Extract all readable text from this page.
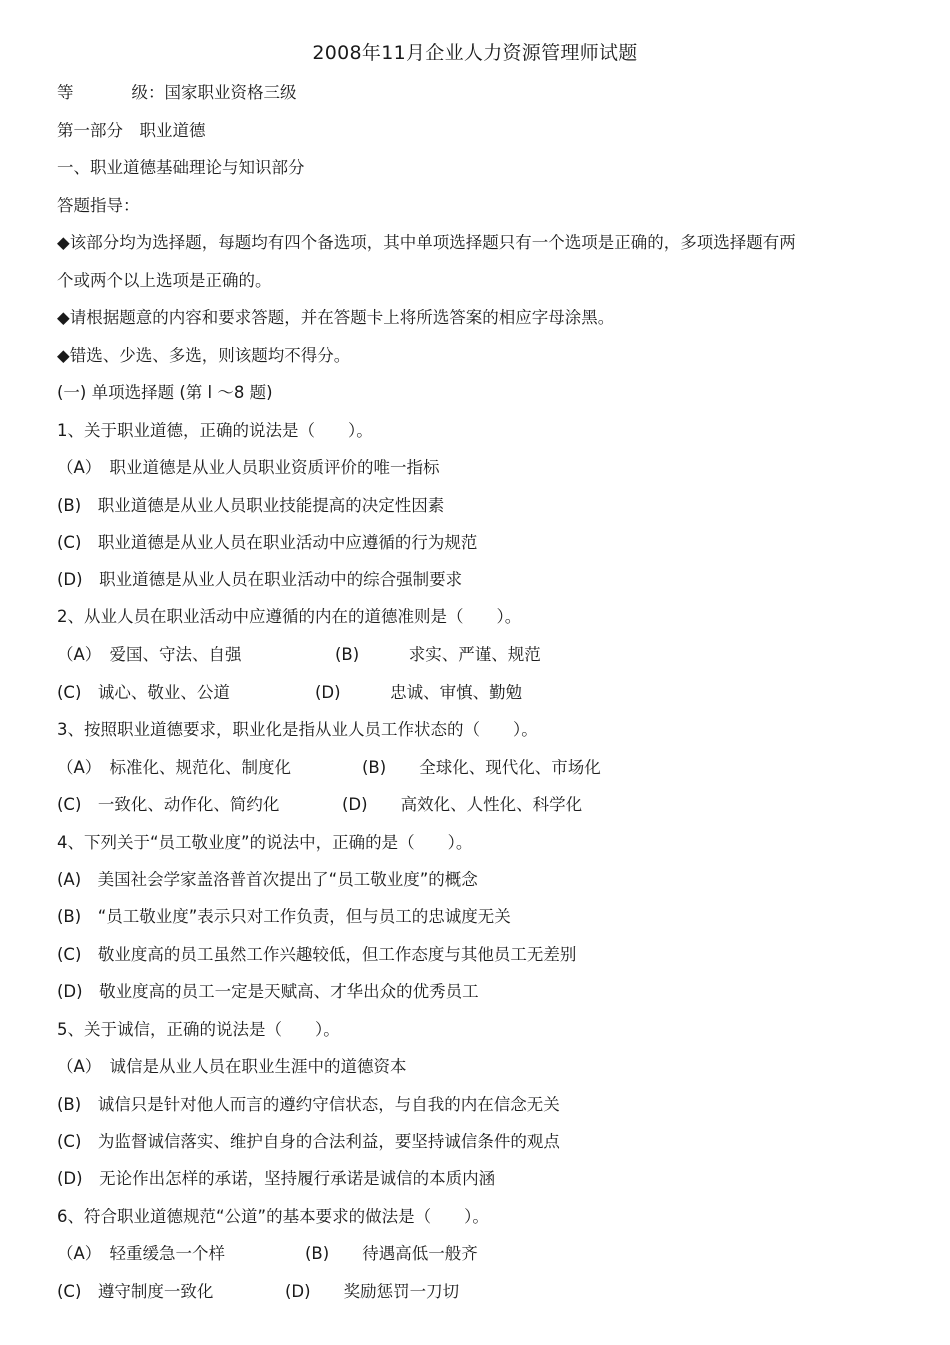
2008年11月企业人力资源管理师试题
等	级：国家职业资格三级
第一部分　职业道德
一、职业道德基础理论与知识部分
答题指导：
◆该部分均为选择题，每题均有四个备选项，其中单项选择题只有一个选项是正确的，多项选择题有两
个或两个以上选项是正确的。
◆请根据题意的内容和要求答题，并在答题卡上将所选答案的相应字母涂黑。
◆错选、少选、多选，则该题均不得分。
(一) 单项选择题 (第 l ～8 题)
1、关于职业道德，正确的说法是（　　）。
（A）　职业道德是从业人员职业资质评价的唯一指标
(B)　职业道德是从业人员职业技能提高的决定性因素
(C)　职业道德是从业人员在职业活动中应遵循的行为规范
(D)　职业道德是从业人员在职业活动中的综合强制要求
2、从业人员在职业活动中应遵循的内在的道德准则是（　　）。
（A）　爱国、守法、自强	(B)　　　求实、严谨、规范
(C)　诚心、敬业、公道	(D)　　　忠诚、审慎、勤勉
3、按照职业道德要求，职业化是指从业人员工作状态的（　　）。
（A）　标准化、规范化、制度化	(B)　　全球化、现代化、市场化
(C)　一致化、动作化、简约化	(D)　　高效化、人性化、科学化
4、下列关于“员工敬业度”的说法中，正确的是（　　）。
(A)　美国社会学家盖洛普首次提出了“员工敬业度”的概念
(B)　“员工敬业度”表示只对工作负责，但与员工的忠诚度无关
(C)　敬业度高的员工虽然工作兴趣较低，但工作态度与其他员工无差别
(D)　敬业度高的员工一定是天赋高、才华出众的优秀员工
5、关于诚信，正确的说法是（　　）。
（A）　诚信是从业人员在职业生涯中的道德资本
(B)　诚信只是针对他人而言的遵约守信状态，与自我的内在信念无关
(C)　为监督诚信落实、维护自身的合法利益，要坚持诚信条件的观点
(D)　无论作出怎样的承诺，坚持履行承诺是诚信的本质内涵
6、符合职业道德规范“公道”的基本要求的做法是（　　）。
（A）　轻重缓急一个样	(B)　　待遇高低一般齐
(C)　遵守制度一致化	(D)　　奖励惩罚一刀切
